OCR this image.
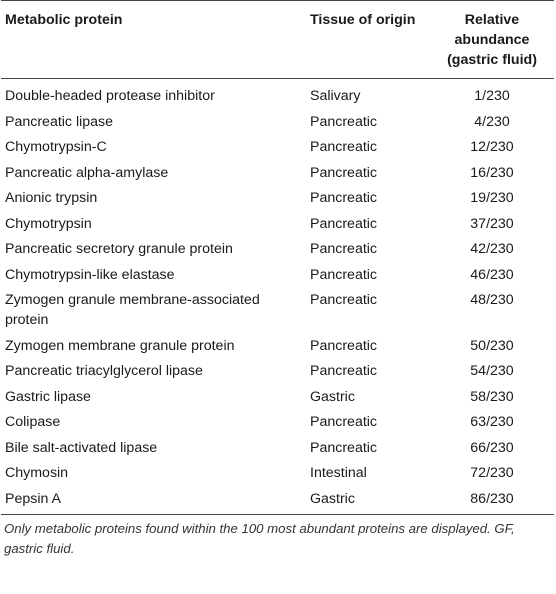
Metabolic protein	Tissue of origin	Relative abundance (gastric fluid)
Double-headed protease inhibitor	Salivary	1/230
Pancreatic lipase	Pancreatic	4/230
Chymotrypsin-C	Pancreatic	12/230
Pancreatic alpha-amylase	Pancreatic	16/230
Anionic trypsin	Pancreatic	19/230
Chymotrypsin	Pancreatic	37/230
Pancreatic secretory granule protein	Pancreatic	42/230
Chymotrypsin-like elastase	Pancreatic	46/230
Zymogen granule membrane-associated protein	Pancreatic	48/230
Zymogen membrane granule protein	Pancreatic	50/230
Pancreatic triacylglycerol lipase	Pancreatic	54/230
Gastric lipase	Gastric	58/230
Colipase	Pancreatic	63/230
Bile salt-activated lipase	Pancreatic	66/230
Chymosin	Intestinal	72/230
Pepsin A	Gastric	86/230
Only metabolic proteins found within the 100 most abundant proteins are displayed. GF, gastric fluid.
